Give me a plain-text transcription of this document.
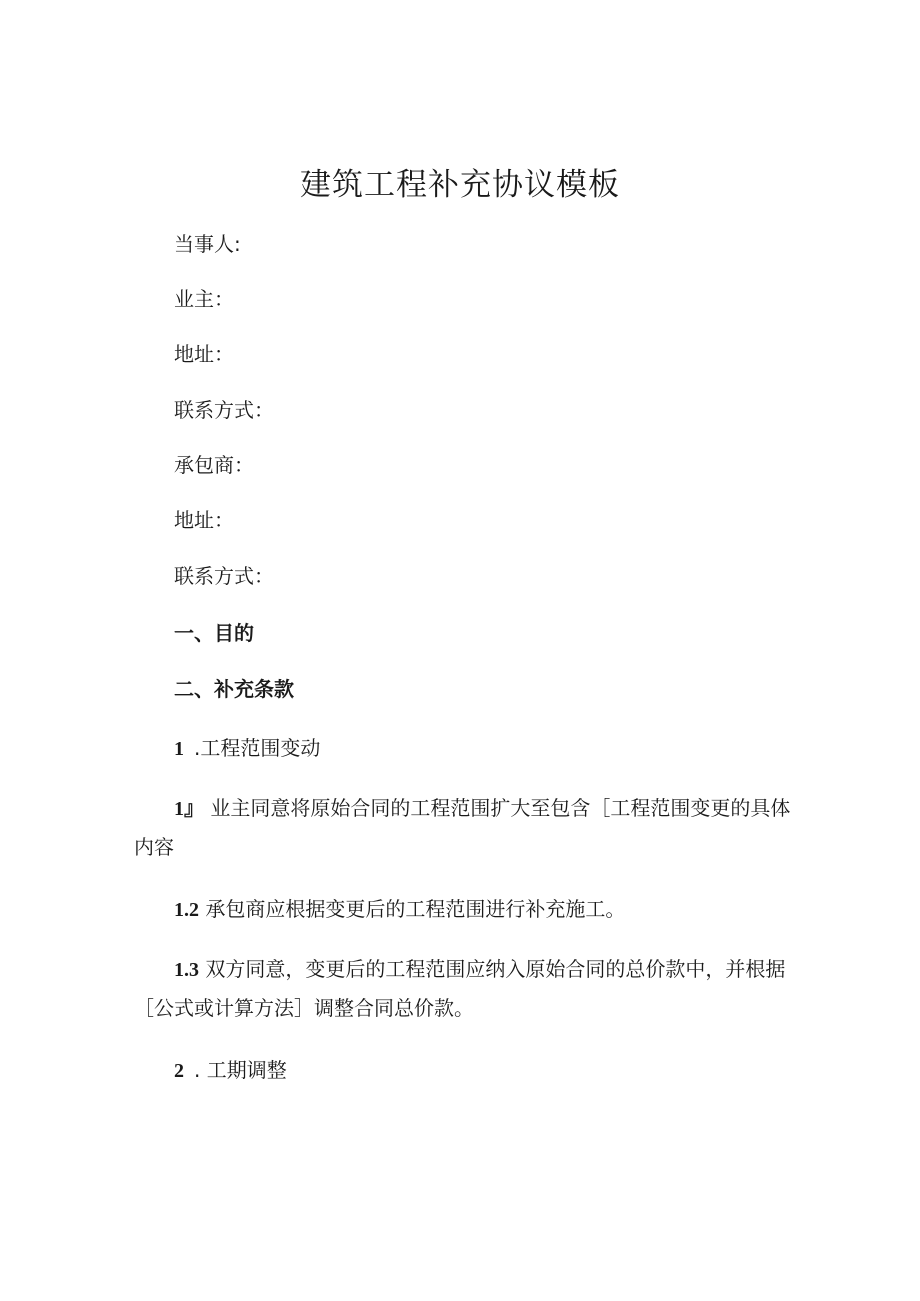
建筑工程补充协议模板
当事人:
业主：
地址：
联系方式：
承包商：
地址：
联系方式：
一、目的
二、补充条款
1 .工程范围变动
1』 业主同意将原始合同的工程范围扩大至包含［工程范围变更的具体内容
1.2 承包商应根据变更后的工程范围进行补充施工。
1.3 双方同意，变更后的工程范围应纳入原始合同的总价款中，并根据［公式或计算方法］调整合同总价款。
2 . 工期调整
